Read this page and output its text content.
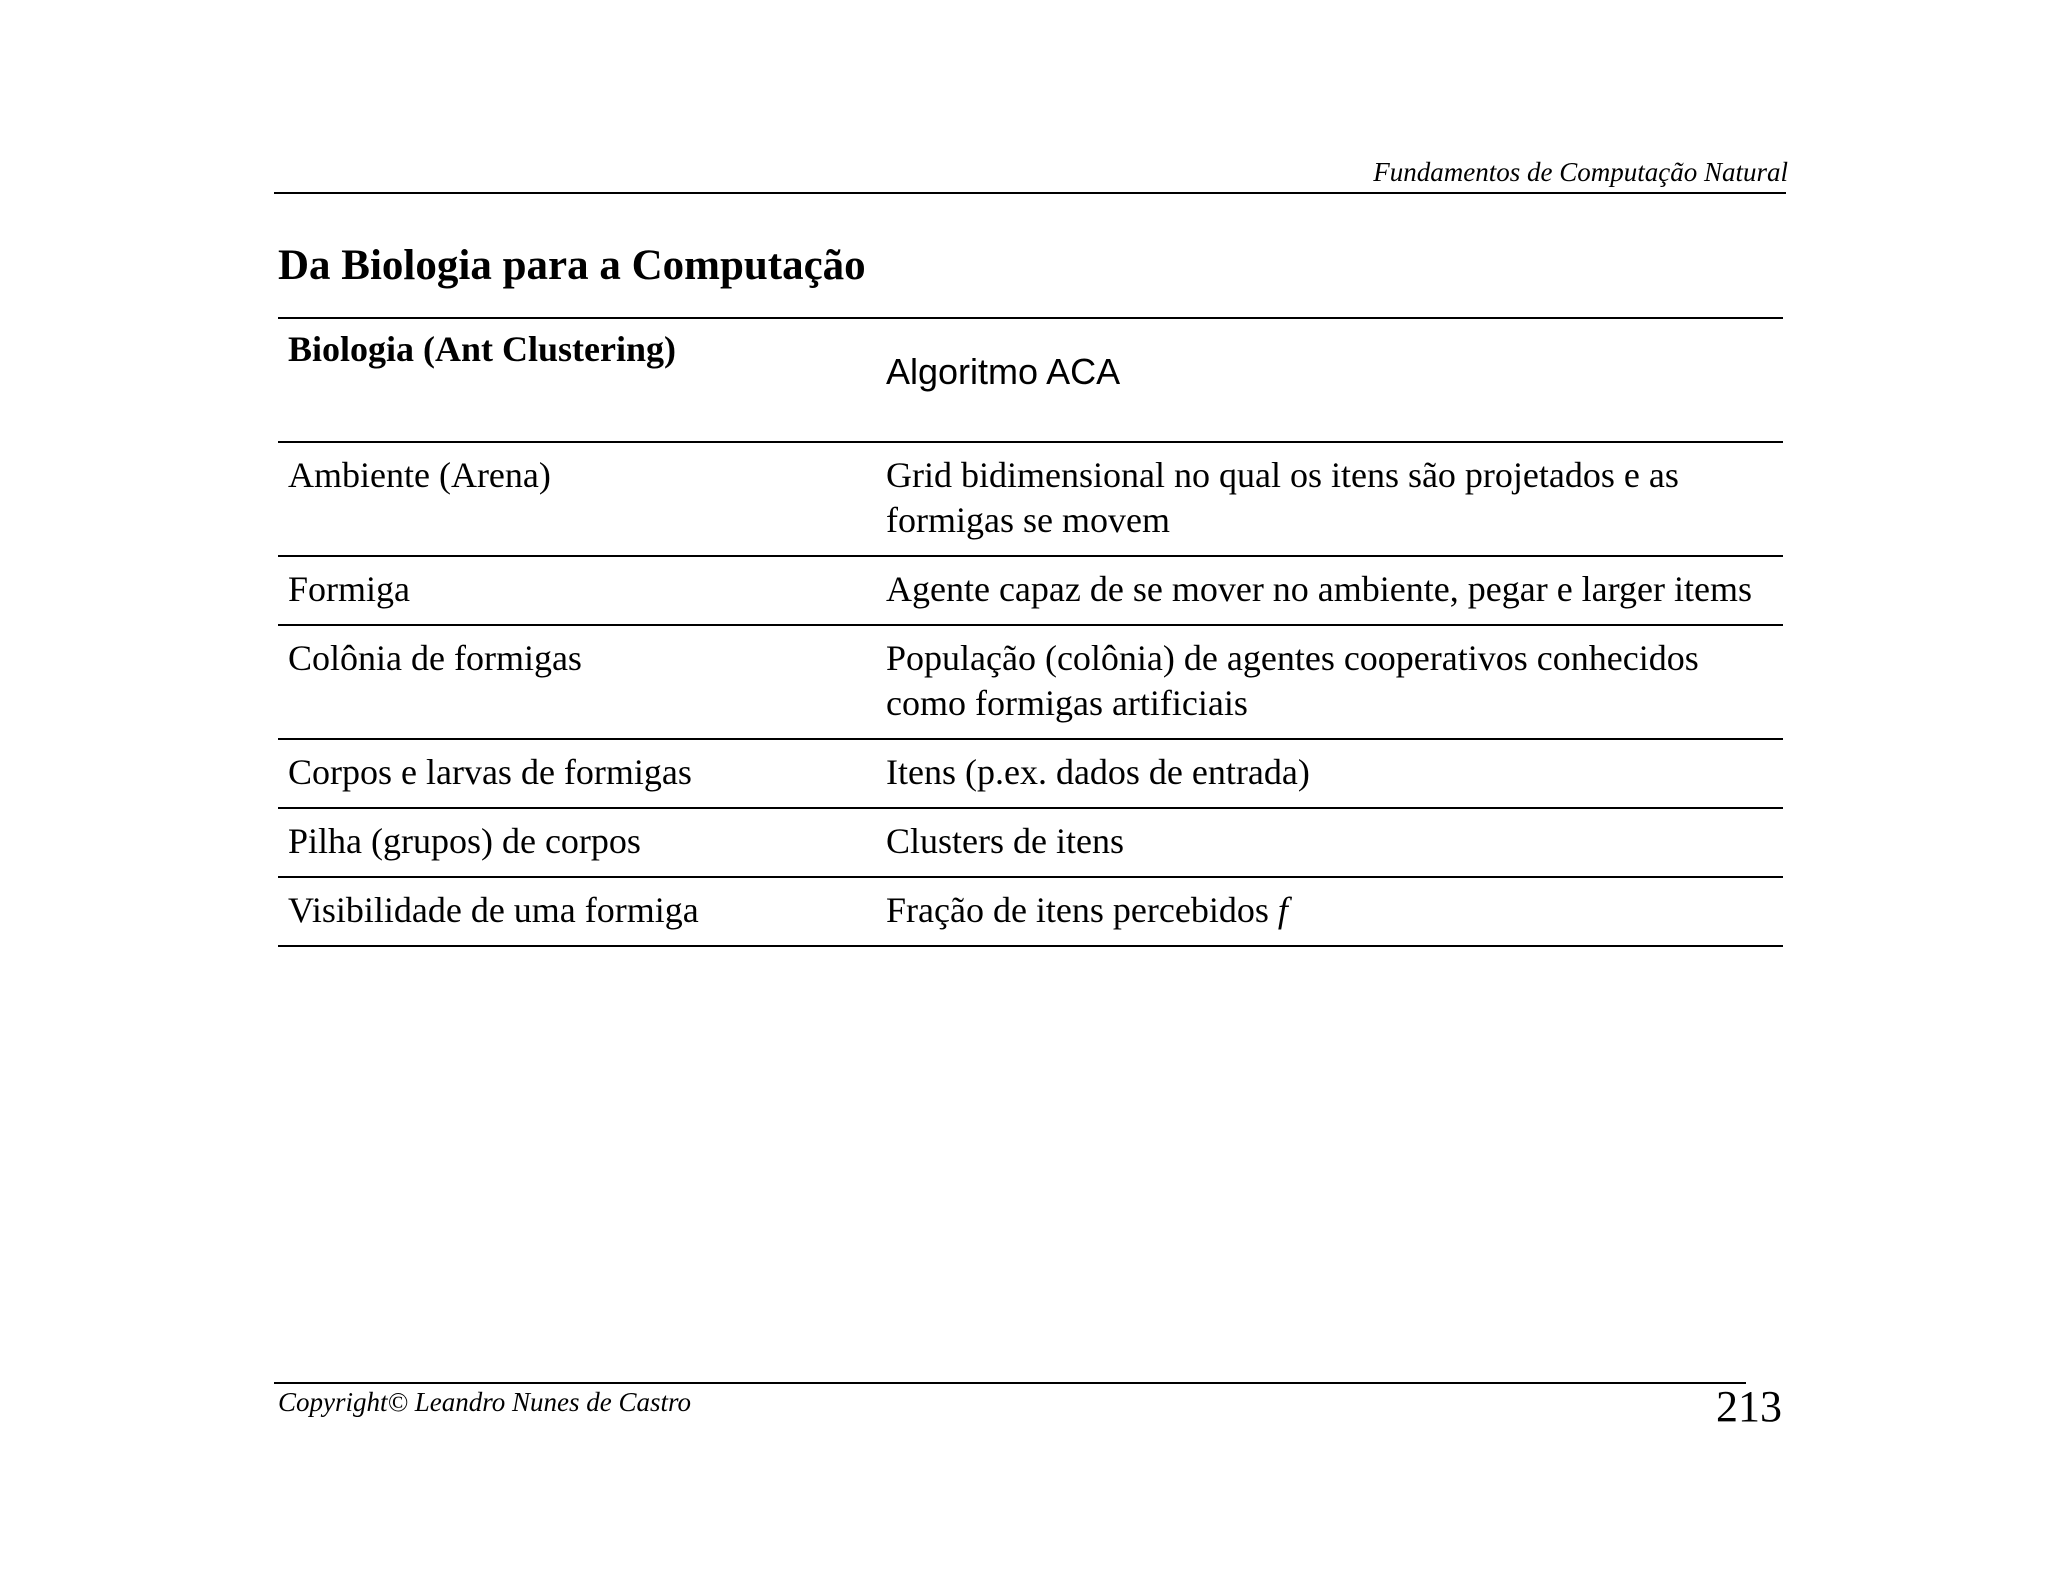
Fundamentos de Computação Natural
Da Biologia para a Computação
Biologia (Ant Clustering)	Algoritmo ACA
Ambiente (Arena)	Grid bidimensional no qual os itens são projetados e as formigas se movem
Formiga	Agente capaz de se mover no ambiente, pegar e larger items
Colônia de formigas	População (colônia) de agentes cooperativos conhecidos como formigas artificiais
Corpos e larvas de formigas	Itens (p.ex. dados de entrada)
Pilha (grupos) de corpos	Clusters de itens
Visibilidade de uma formiga	Fração de itens percebidos f
Copyright© Leandro Nunes de Castro	213
